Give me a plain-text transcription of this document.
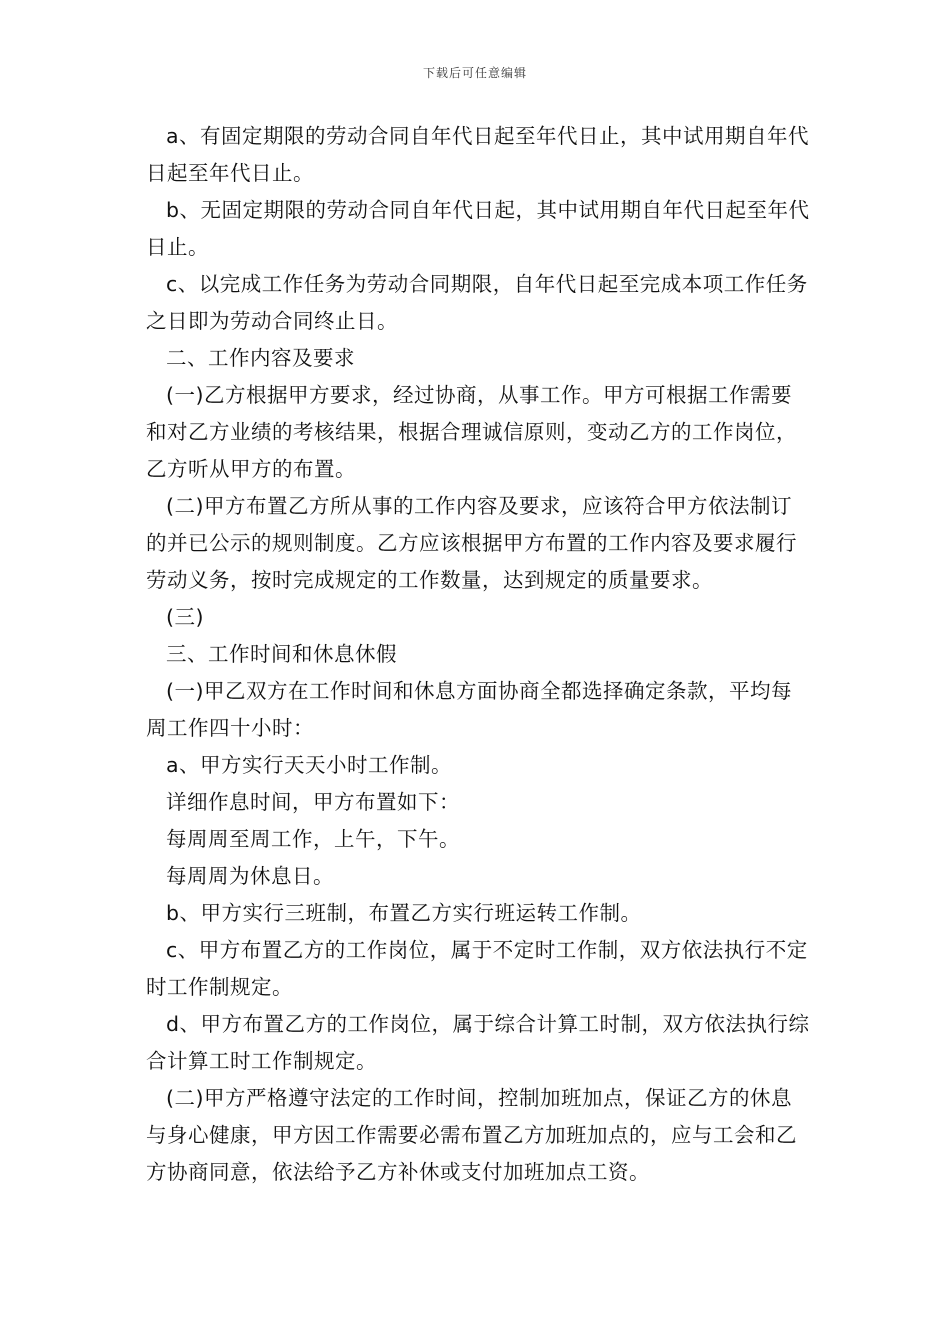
下载后可任意编辑

a、有固定期限的劳动合同自年代日起至年代日止，其中试用期自年代日起至年代日止。

b、无固定期限的劳动合同自年代日起，其中试用期自年代日起至年代日止。

c、以完成工作任务为劳动合同期限，自年代日起至完成本项工作任务之日即为劳动合同终止日。

二、工作内容及要求

(一)乙方根据甲方要求，经过协商，从事工作。甲方可根据工作需要和对乙方业绩的考核结果，根据合理诚信原则，变动乙方的工作岗位，乙方听从甲方的布置。

(二)甲方布置乙方所从事的工作内容及要求，应该符合甲方依法制订的并已公示的规则制度。乙方应该根据甲方布置的工作内容及要求履行劳动义务，按时完成规定的工作数量，达到规定的质量要求。

(三)

三、工作时间和休息休假

(一)甲乙双方在工作时间和休息方面协商全都选择确定条款，平均每周工作四十小时：

a、甲方实行天天小时工作制。

详细作息时间，甲方布置如下：

每周周至周工作，上午，下午。

每周周为休息日。

b、甲方实行三班制，布置乙方实行班运转工作制。

c、甲方布置乙方的工作岗位，属于不定时工作制，双方依法执行不定时工作制规定。

d、甲方布置乙方的工作岗位，属于综合计算工时制，双方依法执行综合计算工时工作制规定。

(二)甲方严格遵守法定的工作时间，控制加班加点，保证乙方的休息与身心健康，甲方因工作需要必需布置乙方加班加点的，应与工会和乙方协商同意，依法给予乙方补休或支付加班加点工资。
